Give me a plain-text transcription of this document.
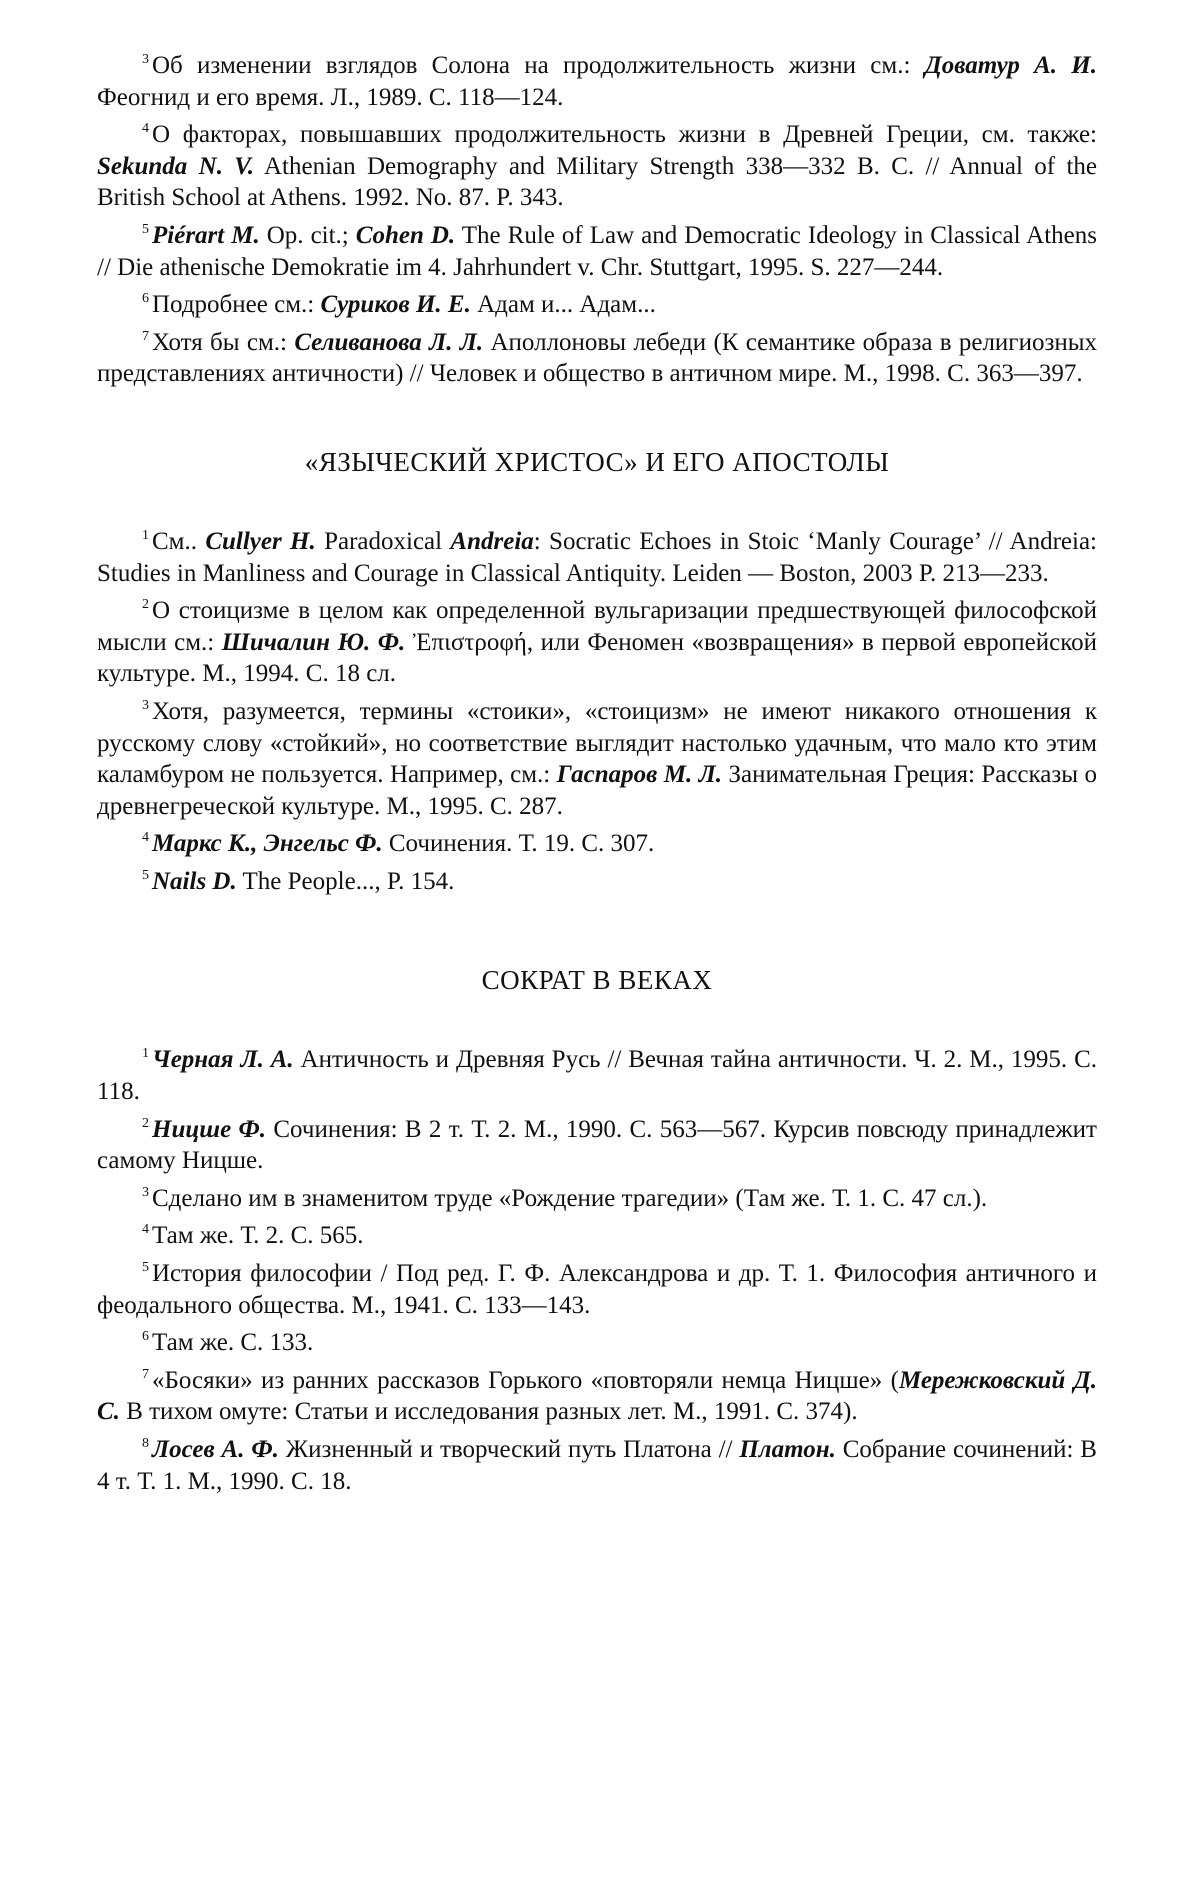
3 Об изменении взглядов Солона на продолжительность жизни см.: Доватур А. И. Феогнид и его время. Л., 1989. С. 118—124.

4 О факторах, повышавших продолжительность жизни в Древней Греции, см. также: Sekunda N. V. Athenian Demography and Military Strength 338—332 B. C. // Annual of the British School at Athens. 1992. No. 87. P. 343.

5 Piérart M. Op. cit.; Cohen D. The Rule of Law and Democratic Ideology in Classical Athens // Die athenische Demokratie im 4. Jahrhundert v. Chr. Stuttgart, 1995. S. 227—244.

6 Подробнее см.: Суриков И. Е. Адам и... Адам...

7 Хотя бы см.: Селиванова Л. Л. Аполлоновы лебеди (К семантике образа в религиозных представлениях античности) // Человек и общество в античном мире. М., 1998. С. 363—397.

«ЯЗЫЧЕСКИЙ ХРИСТОС» И ЕГО АПОСТОЛЫ

1 См.. Cullyer H. Paradoxical Andreia: Socratic Echoes in Stoic ‘Manly Courage’ // Andreia: Studies in Manliness and Courage in Classical Antiquity. Leiden — Boston, 2003 P. 213—233.

2 О стоицизме в целом как определенной вульгаризации предшествующей философской мысли см.: Шичалин Ю. Ф. Ἐπιστροφή, или Феномен «возвращения» в первой европейской культуре. М., 1994. С. 18 сл.

3 Хотя, разумеется, термины «стоики», «стоицизм» не имеют никакого отношения к русскому слову «стойкий», но соответствие выглядит настолько удачным, что мало кто этим каламбуром не пользуется. Например, см.: Гаспаров М. Л. Занимательная Греция: Рассказы о древнегреческой культуре. М., 1995. С. 287.

4 Маркс К., Энгельс Ф. Сочинения. Т. 19. С. 307.

5 Nails D. The People..., P. 154.

СОКРАТ В ВЕКАХ

1 Черная Л. А. Античность и Древняя Русь // Вечная тайна античности. Ч. 2. М., 1995. С. 118.

2 Ницше Ф. Сочинения: В 2 т. Т. 2. М., 1990. С. 563—567. Курсив повсюду принадлежит самому Ницше.

3 Сделано им в знаменитом труде «Рождение трагедии» (Там же. Т. 1. С. 47 сл.).

4 Там же. Т. 2. С. 565.

5 История философии / Под ред. Г. Ф. Александрова и др. Т. 1. Философия античного и феодального общества. М., 1941. С. 133—143.

6 Там же. С. 133.

7 «Босяки» из ранних рассказов Горького «повторяли немца Ницше» (Мережковский Д. С. В тихом омуте: Статьи и исследования разных лет. М., 1991. С. 374).

8 Лосев А. Ф. Жизненный и творческий путь Платона // Платон. Собрание сочинений: В 4 т. Т. 1. М., 1990. С. 18.
